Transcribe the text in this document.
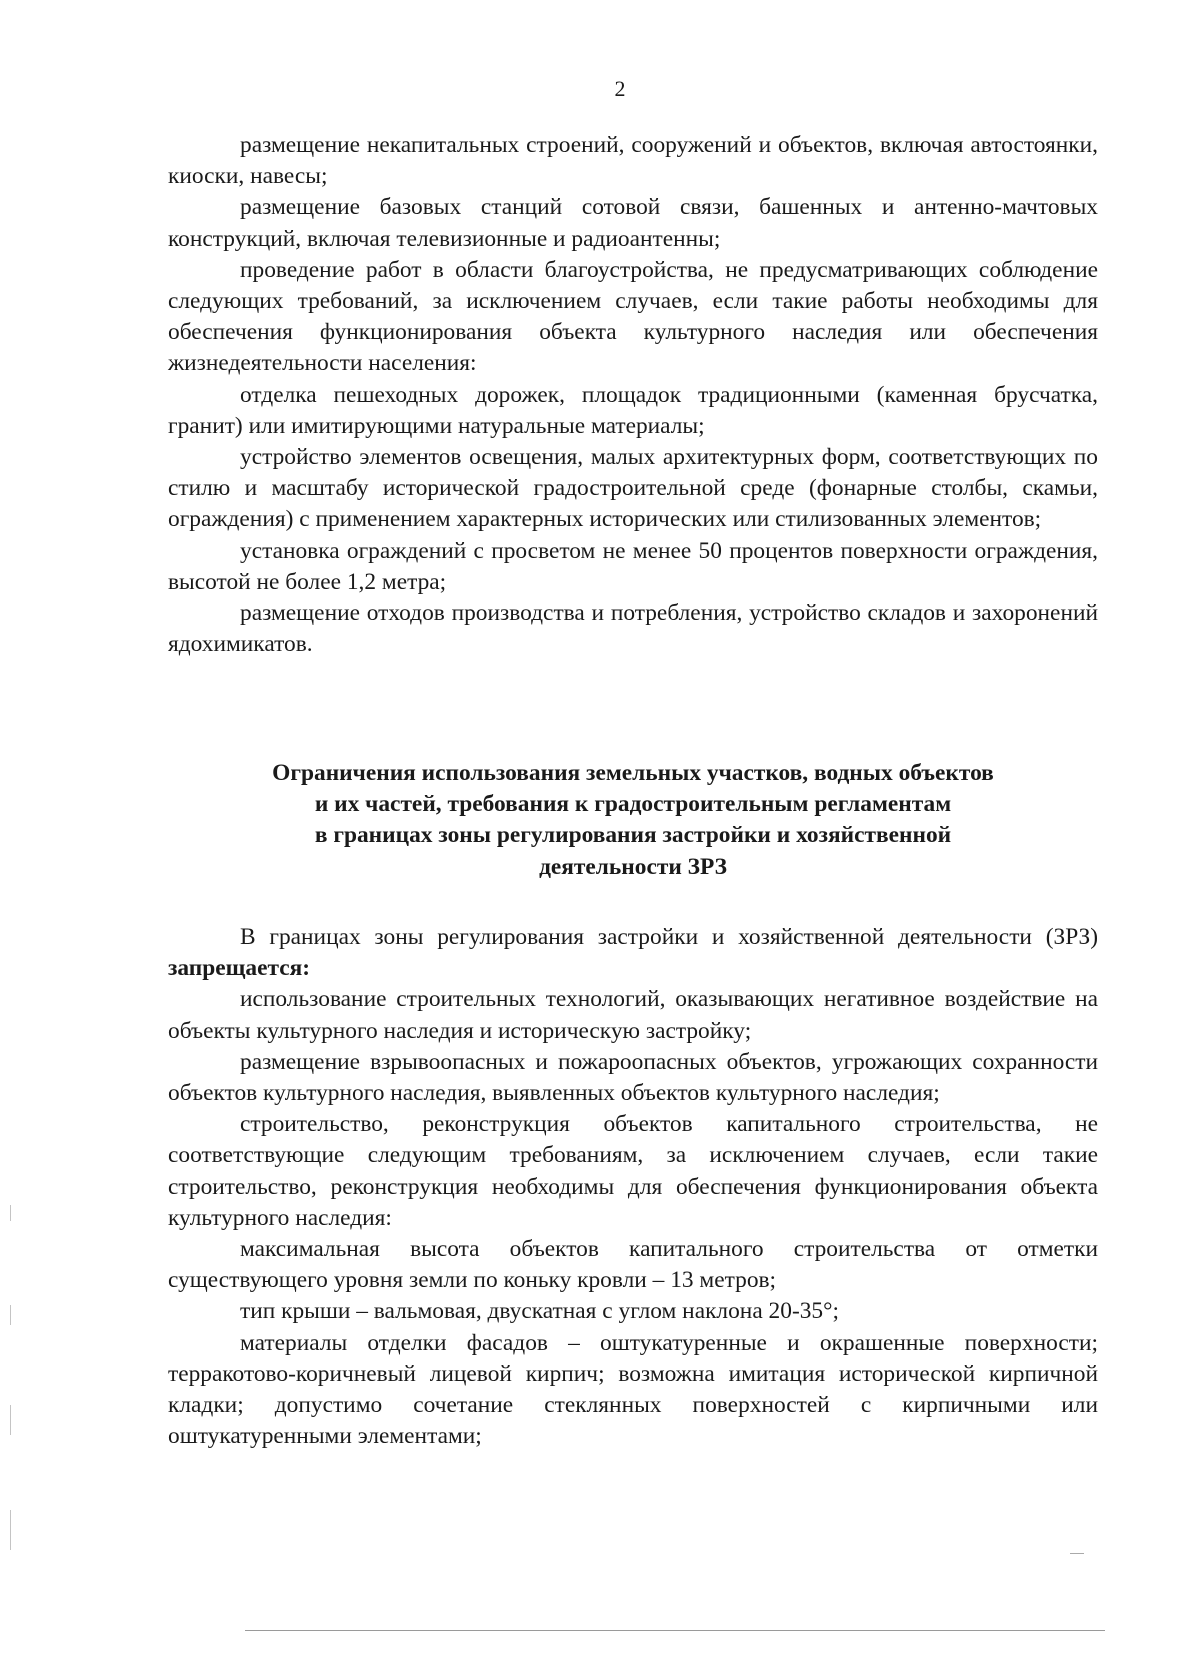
2

размещение некапитальных строений, сооружений и объектов, включая автостоянки, киоски, навесы;

размещение базовых станций сотовой связи, башенных и антенно-мачтовых конструкций, включая телевизионные и радиоантенны;

проведение работ в области благоустройства, не предусматривающих соблюдение следующих требований, за исключением случаев, если такие работы необходимы для обеспечения функционирования объекта культурного наследия или обеспечения жизнедеятельности населения:

отделка пешеходных дорожек, площадок традиционными (каменная брусчатка, гранит) или имитирующими натуральные материалы;

устройство элементов освещения, малых архитектурных форм, соответствующих по стилю и масштабу исторической градостроительной среде (фонарные столбы, скамьи, ограждения) с применением характерных исторических или стилизованных элементов;

установка ограждений с просветом не менее 50 процентов поверхности ограждения, высотой не более 1,2 метра;

размещение отходов производства и потребления, устройство складов и захоронений ядохимикатов.

Ограничения использования земельных участков, водных объектов
и их частей, требования к градостроительным регламентам
в границах зоны регулирования застройки и хозяйственной
деятельности ЗРЗ

В границах зоны регулирования застройки и хозяйственной деятельности (ЗРЗ) запрещается:

использование строительных технологий, оказывающих негативное воздействие на объекты культурного наследия и историческую застройку;

размещение взрывоопасных и пожароопасных объектов, угрожающих сохранности объектов культурного наследия, выявленных объектов культурного наследия;

строительство, реконструкция объектов капитального строительства, не соответствующие следующим требованиям, за исключением случаев, если такие строительство, реконструкция необходимы для обеспечения функционирования объекта культурного наследия:

максимальная высота объектов капитального строительства от отметки существующего уровня земли по коньку кровли – 13 метров;

тип крыши – вальмовая, двускатная с углом наклона 20-35°;

материалы отделки фасадов – оштукатуренные и окрашенные поверхности; терракотово-коричневый лицевой кирпич; возможна имитация исторической кирпичной кладки; допустимо сочетание стеклянных поверхностей с кирпичными или оштукатуренными элементами;
